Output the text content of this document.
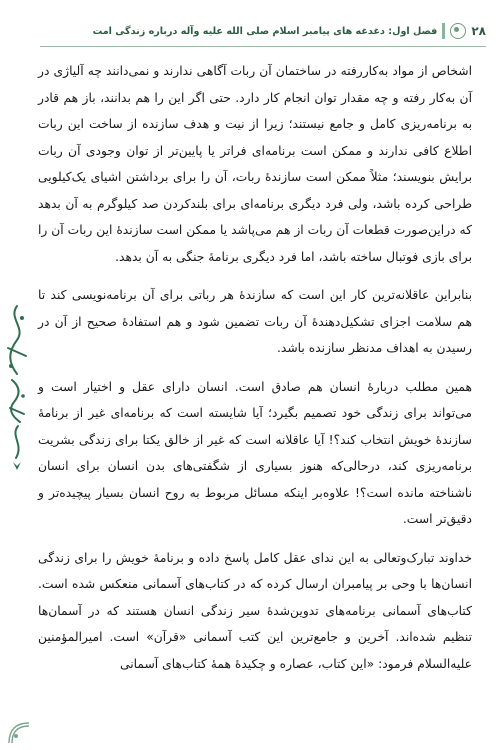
۲۸
فصل اول: دغدغه های پیامبر اسلام صلی الله علیه وآله درباره زندگی امت

اشخاص از مواد به‌کاررفته در ساختمان آن ربات آگاهی ندارند و نمی‌دانند چه آلیاژی در آن به‌کار رفته و چه مقدار توان انجام کار دارد. حتی اگر این را هم بدانند، باز هم قادر به برنامه‌ریزی کامل و جامع نیستند؛ زیرا از نیت و هدف سازنده از ساخت این ربات اطلاع کافی ندارند و ممکن است برنامه‌ای فراتر یا پایین‌تر از توان وجودی آن ربات برایش بنویسند؛ مثلاً ممکن است سازندهٔ ربات، آن را برای برداشتن اشیای یک‌کیلویی طراحی کرده باشد، ولی فرد دیگری برنامه‌ای برای بلندکردن صد کیلوگرم به آن بدهد که دراین‌صورت قطعات آن ربات از هم می‌پاشد یا ممکن است سازندهٔ این ربات آن را برای بازی فوتبال ساخته باشد، اما فرد دیگری برنامهٔ جنگی به آن بدهد.

بنابراین عاقلانه‌ترین کار این است که سازندهٔ هر رباتی برای آن برنامه‌نویسی کند تا هم سلامت اجزای تشکیل‌دهندهٔ آن ربات تضمین شود و هم استفادهٔ صحیح از آن در رسیدن به اهداف مدنظر سازنده باشد.

همین مطلب دربارهٔ انسان هم صادق است. انسان دارای عقل و اختیار است و می‌تواند برای زندگی خود تصمیم بگیرد؛ آیا شایسته است که برنامه‌ای غیر از برنامهٔ سازندهٔ خویش انتخاب کند؟! آیا عاقلانه است که غیر از خالق یکتا برای زندگی بشریت برنامه‌ریزی کند، درحالی‌که هنوز بسیاری از شگفتی‌های بدن انسان برای انسان ناشناخته مانده است؟! علاوه‌بر اینکه مسائل مربوط به روح انسان بسیار پیچیده‌تر و دقیق‌تر است.

خداوند تبارک‌وتعالی به این ندای عقل کامل پاسخ داده و برنامهٔ خویش را برای زندگی انسان‌ها با وحی بر پیامبران ارسال کرده که در کتاب‌های آسمانی منعکس شده است. کتاب‌های آسمانی برنامه‌های تدوین‌شدهٔ سیر زندگی انسان هستند که در آسمان‌ها تنظیم شده‌اند. آخرین و جامع‌ترین این کتب آسمانی «قرآن» است. امیرالمؤمنین علیه‌السلام فرمود: «این کتاب، عصاره و چکیدهٔ همهٔ کتاب‌های آسمانی
